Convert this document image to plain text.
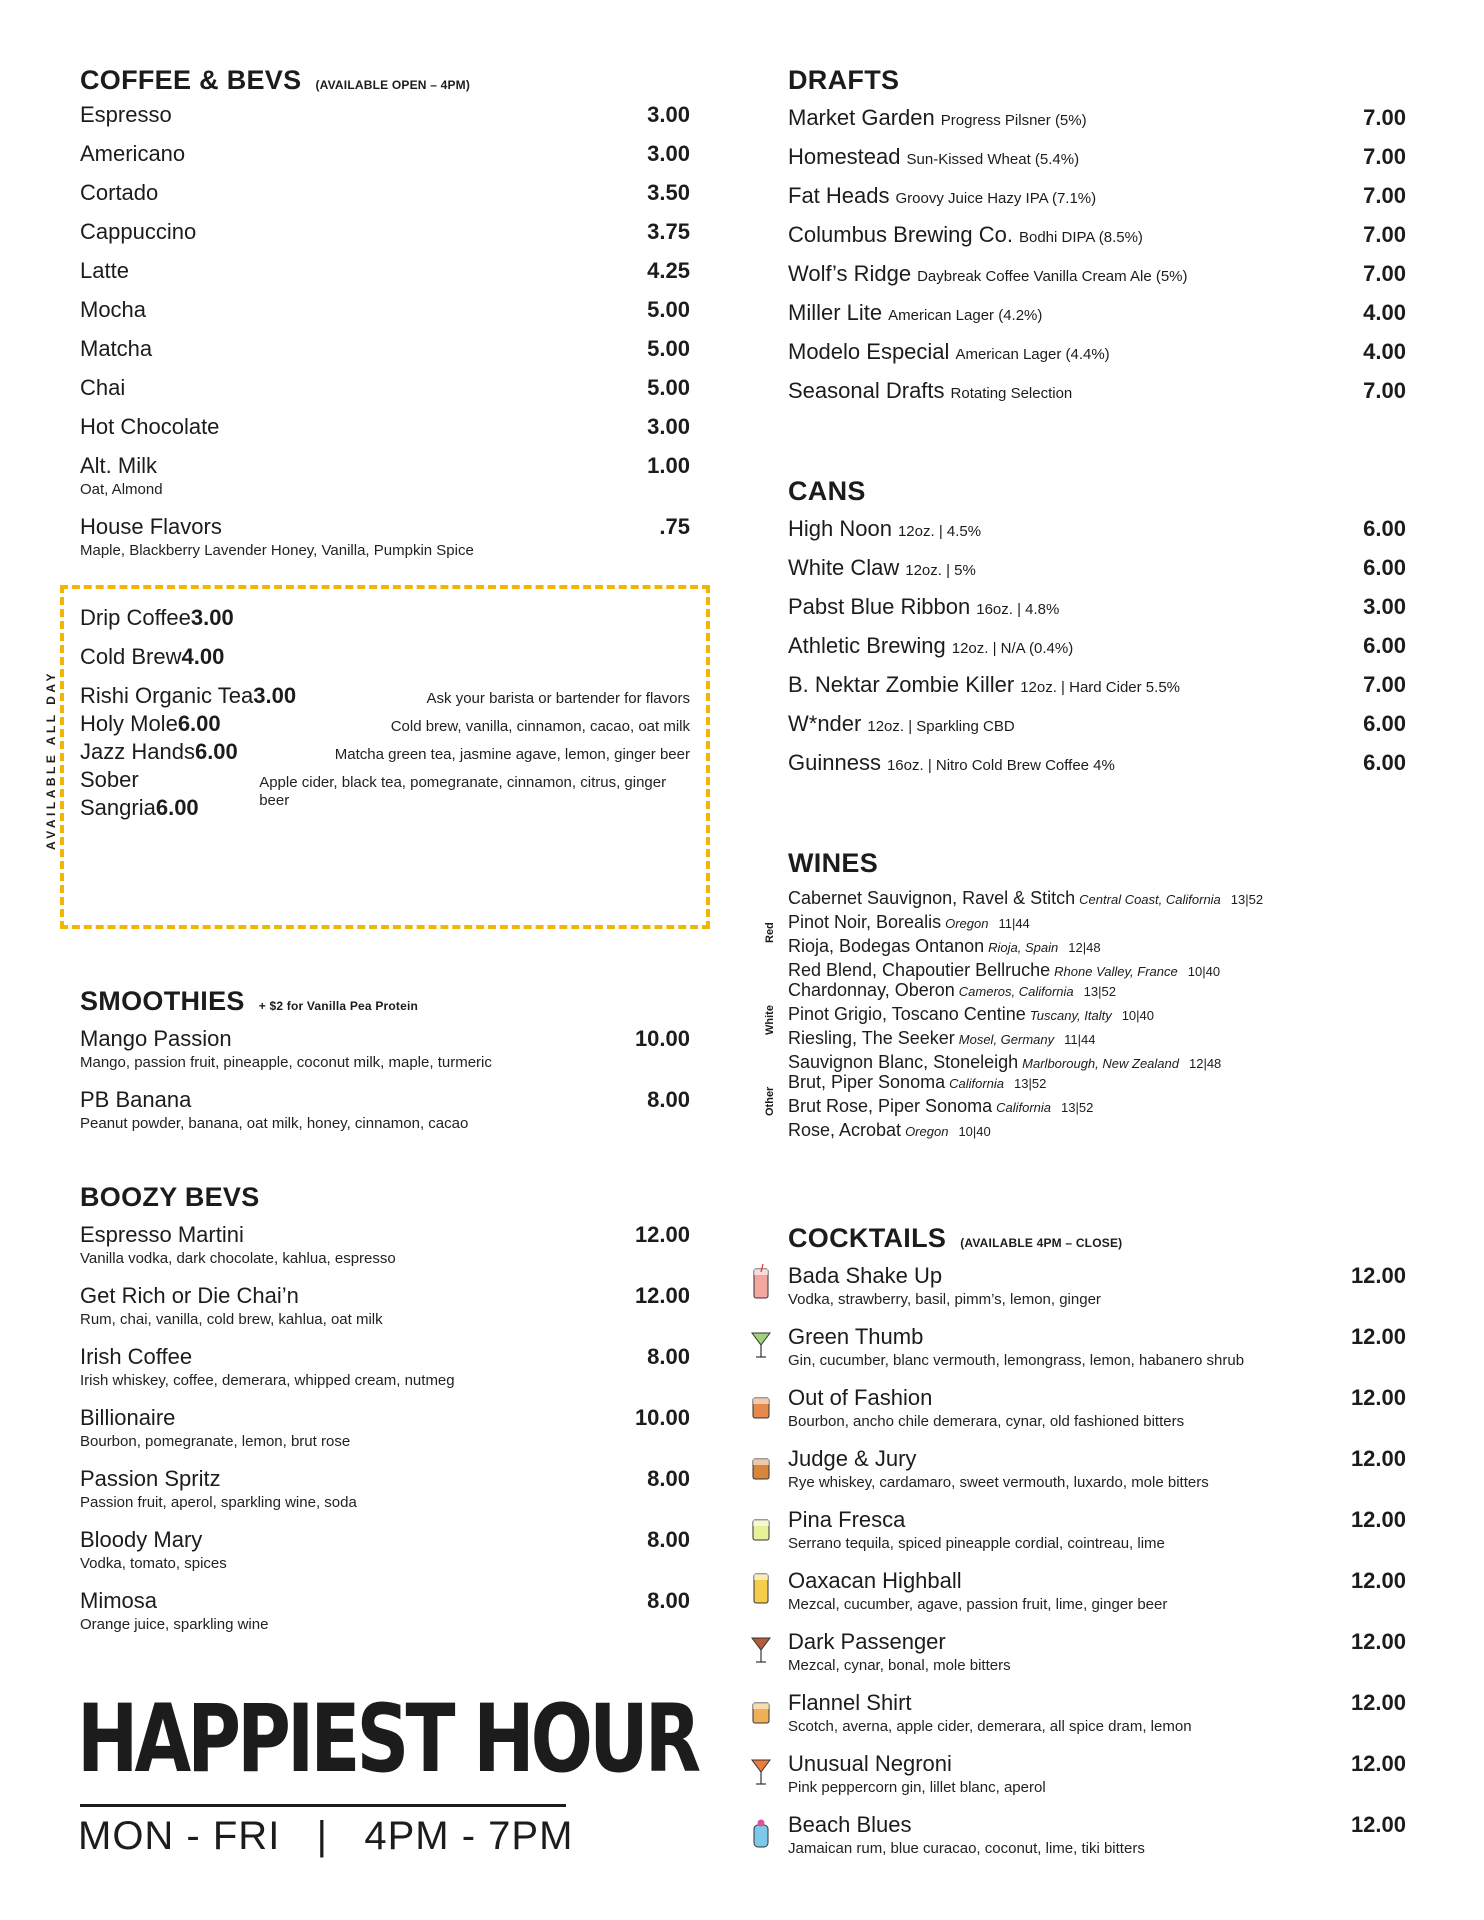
COFFEE & BEVS (AVAILABLE OPEN – 4PM)
Espresso	3.00
Americano	3.00
Cortado	3.50
Cappuccino	3.75
Latte	4.25
Mocha	5.00
Matcha	5.00
Chai	5.00
Hot Chocolate	3.00
Alt. Milk	1.00
Oat, Almond
House Flavors	.75
Maple, Blackberry Lavender Honey, Vanilla, Pumpkin Spice
AVAILABLE ALL DAY
Drip Coffee3.00
Cold Brew4.00
Rishi Organic Tea3.00	Ask your barista or bartender for flavors
Holy Mole6.00	Cold brew, vanilla, cinnamon, cacao, oat milk
Jazz Hands6.00	Matcha green tea, jasmine agave, lemon, ginger beer
Sober Sangria6.00
Apple cider, black tea, pomegranate, cinnamon, citrus, ginger beer
SMOOTHIES + $2 for Vanilla Pea Protein
Mango Passion	10.00
Mango, passion fruit, pineapple, coconut milk, maple, turmeric
PB Banana	8.00
Peanut powder, banana, oat milk, honey, cinnamon, cacao
BOOZY BEVS
Espresso Martini	12.00
Vanilla vodka, dark chocolate, kahlua, espresso
Get Rich or Die Chai’n	12.00
Rum, chai, vanilla, cold brew, kahlua, oat milk
Irish Coffee	8.00
Irish whiskey, coffee, demerara, whipped cream, nutmeg
Billionaire	10.00
Bourbon, pomegranate, lemon, brut rose
Passion Spritz	8.00
Passion fruit, aperol, sparkling wine, soda
Bloody Mary	8.00
Vodka, tomato, spices
Mimosa	8.00
Orange juice, sparkling wine
HAPPIEST HOUR
MON - FRI   |   4PM - 7PM
DRAFTS
Market Garden Progress Pilsner (5%)	7.00
Homestead Sun-Kissed Wheat (5.4%)	7.00
Fat Heads Groovy Juice Hazy IPA (7.1%)	7.00
Columbus Brewing Co. Bodhi DIPA (8.5%)	7.00
Wolf’s Ridge Daybreak Coffee Vanilla Cream Ale (5%)	7.00
Miller Lite American Lager (4.2%)	4.00
Modelo Especial American Lager (4.4%)	4.00
Seasonal Drafts Rotating Selection	7.00
CANS
High Noon 12oz. | 4.5%	6.00
White Claw 12oz. | 5%	6.00
Pabst Blue Ribbon 16oz. | 4.8%	3.00
Athletic Brewing 12oz. | N/A (0.4%)	6.00
B. Nektar Zombie Killer 12oz. | Hard Cider 5.5%	7.00
W*nder 12oz. | Sparkling CBD	6.00
Guinness 16oz. | Nitro Cold Brew Coffee 4%	6.00
WINES
Cabernet Sauvignon, Ravel & Stitch Central Coast, California 13|52
Pinot Noir, Borealis Oregon 11|44
Rioja, Bodegas Ontanon Rioja, Spain 12|48
Red Blend, Chapoutier Bellruche Rhone Valley, France 10|40
Red
Chardonnay, Oberon Cameros, California 13|52
Pinot Grigio, Toscano Centine Tuscany, Italty 10|40
Riesling, The Seeker Mosel, Germany 11|44
Sauvignon Blanc, Stoneleigh Marlborough, New Zealand 12|48
White
Brut, Piper Sonoma California 13|52
Brut Rose, Piper Sonoma California 13|52
Rose, Acrobat Oregon 10|40
Other
COCKTAILS (AVAILABLE 4PM – CLOSE)
Bada Shake Up	12.00
Vodka, strawberry, basil, pimm’s, lemon, ginger
Green Thumb	12.00
Gin, cucumber, blanc vermouth, lemongrass, lemon, habanero shrub
Out of Fashion	12.00
Bourbon, ancho chile demerara, cynar, old fashioned bitters
Judge & Jury	12.00
Rye whiskey, cardamaro, sweet vermouth, luxardo, mole bitters
Pina Fresca	12.00
Serrano tequila, spiced pineapple cordial, cointreau, lime
Oaxacan Highball	12.00
Mezcal, cucumber, agave, passion fruit, lime, ginger beer
Dark Passenger	12.00
Mezcal, cynar, bonal, mole bitters
Flannel Shirt	12.00
Scotch, averna, apple cider, demerara, all spice dram, lemon
Unusual Negroni	12.00
Pink peppercorn gin, lillet blanc, aperol
Beach Blues	12.00
Jamaican rum, blue curacao, coconut, lime, tiki bitters
